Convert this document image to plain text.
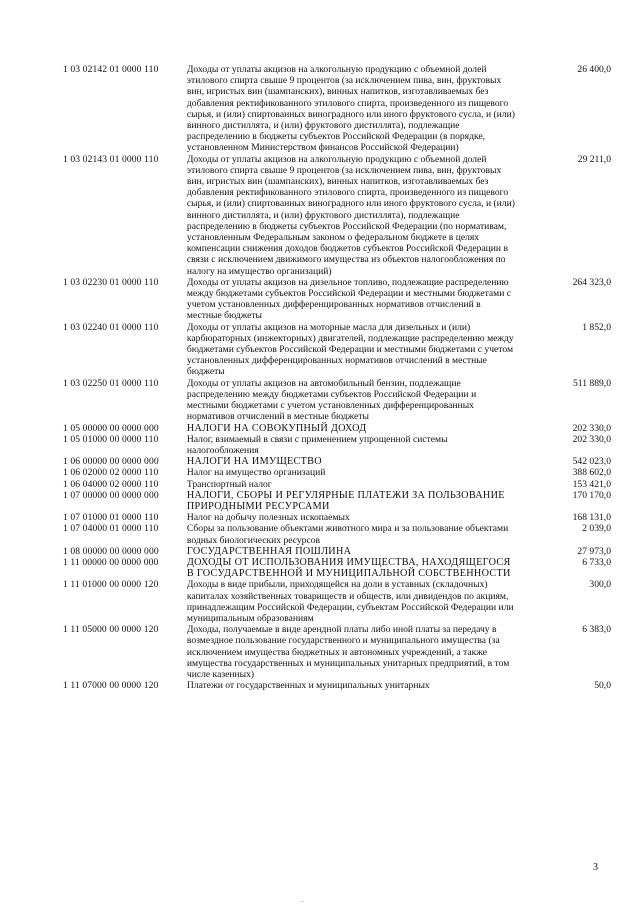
1 03 02142 01 0000 110	Доходы от уплаты акцизов на алкогольную продукцию с объемной долей этилового спирта свыше 9 процентов (за исключением пива, вин, фруктовых вин, игристых вин (шампанских), винных напитков, изготавливаемых без добавления ректификованного этилового спирта, произведенного из пищевого сырья, и (или) спиртованных виноградного или иного фруктового сусла, и (или) винного дистиллята, и (или) фруктового дистиллята), подлежащие распределению в бюджеты субъектов Российской Федерации (в порядке, установленном Министерством финансов Российской Федерации)	26 400,0
1 03 02143 01 0000 110	Доходы от уплаты акцизов на алкогольную продукцию с объемной долей этилового спирта свыше 9 процентов (за исключением пива, вин, фруктовых вин, игристых вин (шампанских), винных напитков, изготавливаемых без добавления ректификованного этилового спирта, произведенного из пищевого сырья, и (или) спиртованных виноградного или иного фруктового сусла, и (или) винного дистиллята, и (или) фруктового дистиллята), подлежащие распределению в бюджеты субъектов Российской Федерации (по нормативам, установленным Федеральным законом о федеральном бюджете в целях компенсации снижения доходов бюджетов субъектов Российской Федерации в связи с исключением движимого имущества из объектов налогообложения по налогу на имущество организаций)	29 211,0
1 03 02230 01 0000 110	Доходы от уплаты акцизов на дизельное топливо, подлежащие распределению между бюджетами субъектов Российской Федерации и местными бюджетами с учетом установленных дифференцированных нормативов отчислений в местные бюджеты	264 323,0
1 03 02240 01 0000 110	Доходы от уплаты акцизов на моторные масла для дизельных и (или) карбюраторных (инжекторных) двигателей, подлежащие распределению между бюджетами субъектов Российской Федерации и местными бюджетами с учетом установленных дифференцированных нормативов отчислений в местные бюджеты	1 852,0
1 03 02250 01 0000 110	Доходы от уплаты акцизов на автомобильный бензин, подлежащие распределению между бюджетами субъектов Российской Федерации и местными бюджетами с учетом установленных дифференцированных нормативов отчислений в местные бюджеты	511 889,0
1 05 00000 00 0000 000	НАЛОГИ НА СОВОКУПНЫЙ ДОХОД	202 330,0
1 05 01000 00 0000 110	Налог, взимаемый в связи с применением упрощенной системы налогообложения	202 330,0
1 06 00000 00 0000 000	НАЛОГИ НА ИМУЩЕСТВО	542 023,0
1 06 02000 02 0000 110	Налог на имущество организаций	388 602,0
1 06 04000 02 0000 110	Транспортный налог	153 421,0
1 07 00000 00 0000 000	НАЛОГИ, СБОРЫ И РЕГУЛЯРНЫЕ ПЛАТЕЖИ ЗА ПОЛЬЗОВАНИЕ ПРИРОДНЫМИ РЕСУРСАМИ	170 170,0
1 07 01000 01 0000 110	Налог на добычу полезных ископаемых	168 131,0
1 07 04000 01 0000 110	Сборы за пользование объектами животного мира и за пользование объектами водных биологических ресурсов	2 039,0
1 08 00000 00 0000 000	ГОСУДАРСТВЕННАЯ ПОШЛИНА	27 973,0
1 11 00000 00 0000 000	ДОХОДЫ ОТ ИСПОЛЬЗОВАНИЯ ИМУЩЕСТВА, НАХОДЯЩЕГОСЯ В ГОСУДАРСТВЕННОЙ И МУНИЦИПАЛЬНОЙ СОБСТВЕННОСТИ	6 733,0
1 11 01000 00 0000 120	Доходы в виде прибыли, приходящейся на доли в уставных (складочных) капиталах хозяйственных товариществ и обществ, или дивидендов по акциям, принадлежащим Российской Федерации, субъектам Российской Федерации или муниципальным образованиям	300,0
1 11 05000 00 0000 120	Доходы, получаемые в виде арендной платы либо иной платы за передачу в возмездное пользование государственного и муниципального имущества (за исключением имущества бюджетных и автономных учреждений, а также имущества государственных и муниципальных унитарных предприятий, в том числе казенных)	6 383,0
1 11 07000 00 0000 120	Платежи от государственных и муниципальных унитарных	50,0
3
...
